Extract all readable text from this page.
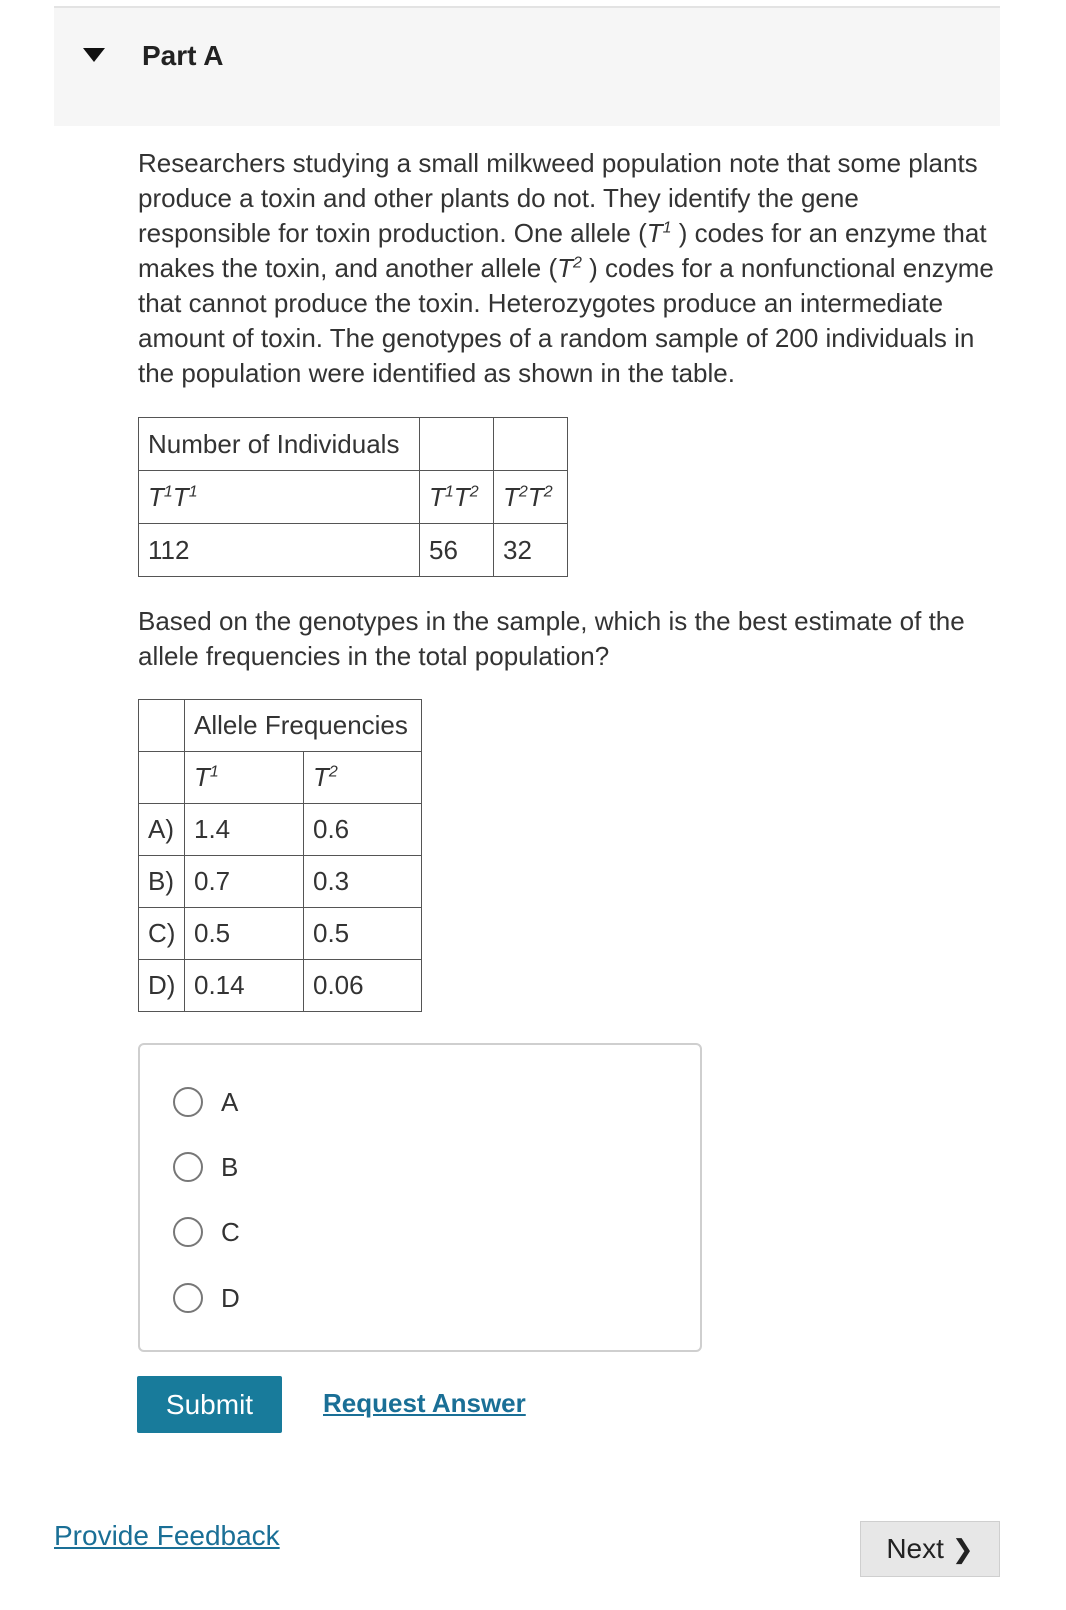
Part A
Researchers studying a small milkweed population note that some plants produce a toxin and other plants do not. They identify the gene responsible for toxin production. One allele ($T^1$ ) codes for an enzyme that makes the toxin, and another allele ($T^2$ ) codes for a nonfunctional enzyme that cannot produce the toxin. Heterozygotes produce an intermediate amount of toxin. The genotypes of a random sample of 200 individuals in the population were identified as shown in the table.
Number of Individuals		
$T^1T^1$	$T^1T^2$	$T^2T^2$
112	56	32
Based on the genotypes in the sample, which is the best estimate of the allele frequencies in the total population?
	Allele Frequencies	
	$T^1$	$T^2$
A)	1.4	0.6
B)	0.7	0.3
C)	0.5	0.5
D)	0.14	0.06
A
B
C
D
Submit	Request Answer
Provide Feedback	Next ❯
